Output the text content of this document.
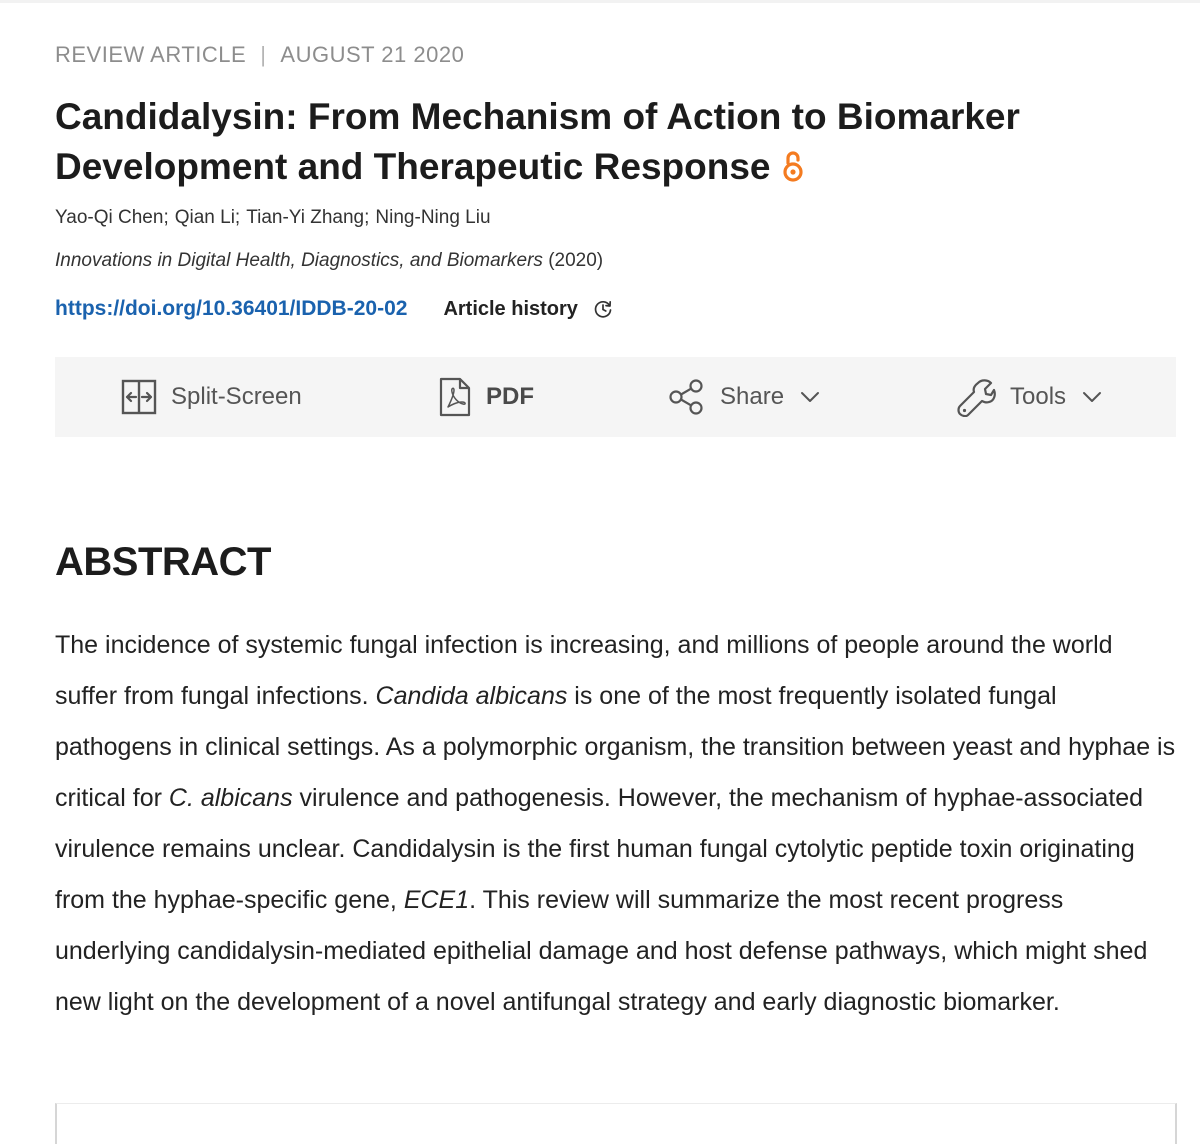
REVIEW ARTICLE | AUGUST 21 2020
Candidalysin: From Mechanism of Action to Biomarker Development and Therapeutic Response
Yao-Qi Chen; Qian Li; Tian-Yi Zhang; Ning-Ning Liu
Innovations in Digital Health, Diagnostics, and Biomarkers (2020)
https://doi.org/10.36401/IDDB-20-02 Article history
Split-Screen	PDF	Share	Tools
ABSTRACT

The incidence of systemic fungal infection is increasing, and millions of people around the world suffer from fungal infections. Candida albicans is one of the most frequently isolated fungal pathogens in clinical settings. As a polymorphic organism, the transition between yeast and hyphae is critical for C. albicans virulence and pathogenesis. However, the mechanism of hyphae-associated virulence remains unclear. Candidalysin is the first human fungal cytolytic peptide toxin originating from the hyphae-specific gene, ECE1. This review will summarize the most recent progress underlying candidalysin-mediated epithelial damage and host defense pathways, which might shed new light on the development of a novel antifungal strategy and early diagnostic biomarker.
